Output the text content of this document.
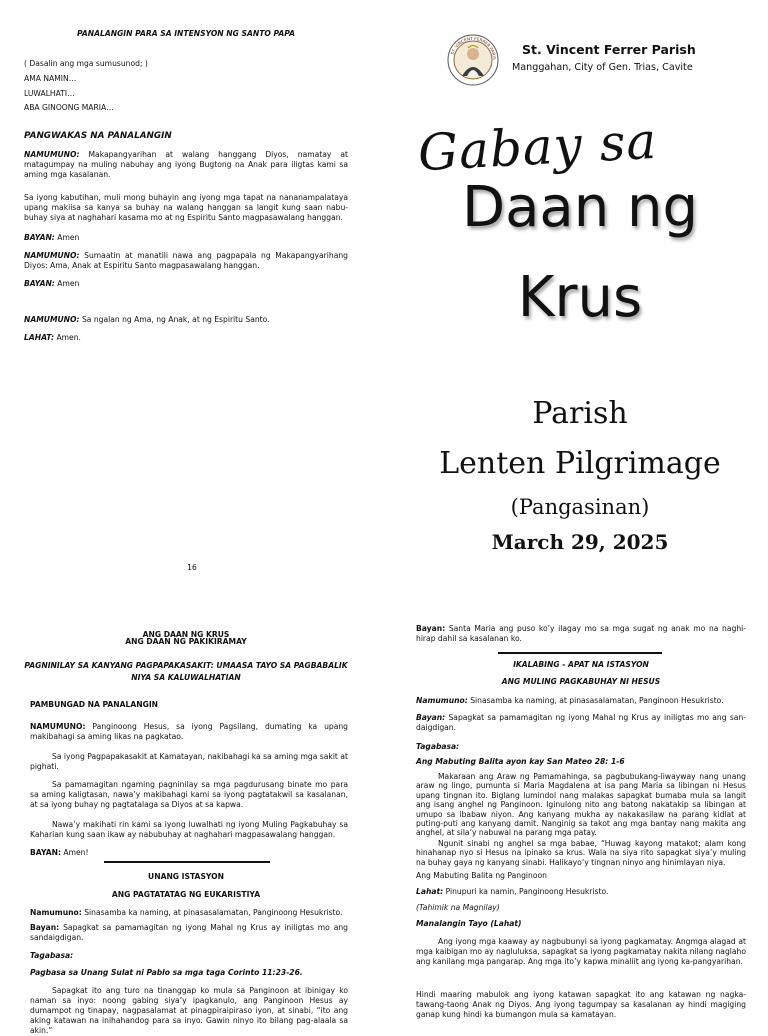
PANALANGIN PARA SA INTENSYON NG SANTO PAPA
( Dasalin ang mga sumusunod; )
AMA NAMIN…
LUWALHATI…
ABA GINOONG MARIA…
PANGWAKAS NA PANALANGIN

NAMUMUNO: Makapangyarihan at walang hanggang Diyos, namatay at matagumpay na muling nabuhay ang iyong Bugtong na Anak para iligtas kami sa aming mga kasalanan.

Sa iyong kabutihan, muli mong buhayin ang iyong mga tapat na nananampalataya upang makiisa sa kanya sa buhay na walang hanggan sa langit kung saan nabu-buhay siya at naghahari kasama mo at ng Espiritu Santo magpasawalang hanggan.

BAYAN: Amen

NAMUMUNO: Sumaatin at manatili nawa ang pagpapala ng Makapangyarihang Diyos: Ama, Anak at Espiritu Santo magpasawalang hanggan.

BAYAN: Amen

NAMUMUNO: Sa ngalan ng Ama, ng Anak, at ng Espiritu Santo.

LAHAT: Amen.

16
ST. VINCENT FERRER PARIS
St. Vincent Ferrer Parish
Manggahan, City of Gen. Trias, Cavite
Gabay sa
Daan ng
Krus
Parish
Lenten Pilgrimage
(Pangasinan)
March 29, 2025
ANG DAAN NG KRUS
ANG DAAN NG PAKIKIRAMAY
PAGNINILAY SA KANYANG PAGPAPAKASAKIT: UMAASA TAYO SA PAGBABALIK
NIYA SA KALUWALHATIAN
PAMBUNGAD NA PANALANGIN

NAMUMUNO: Panginoong Hesus, sa iyong Pagsilang, dumating ka upang makibahagi sa aming likas na pagkatao.

Sa iyong Pagpapakasakit at Kamatayan, nakibahagi ka sa aming mga sakit at pighati.

Sa pamamagitan ngaming pagninilay sa mga pagdurusang binate mo para sa aming kaligtasan, nawa’y makibahagi kami sa iyong pagtatakwil sa kasalanan, at sa iyong buhay ng pagtatalaga sa Diyos at sa kapwa.

Nawa’y makihati rin kami sa iyong luwalhati ng iyong Muling Pagkabuhay sa Kaharian kung saan ikaw ay nabubuhay at naghahari magpasawalang hanggan.

BAYAN: Amen!

UNANG ISTASYON
ANG PAGTATATAG NG EUKARISTIYA

Namumuno: Sinasamba ka naming, at pinasasalamatan, Panginoong Hesukristo.

Bayan: Sapagkat sa pamamagitan ng iyong Mahal ng Krus ay iniligtas mo ang sandaigdigan.

Tagabasa:
Pagbasa sa Unang Sulat ni Pablo sa mga taga Corinto 11:23-26.

Sapagkat ito ang turo na tinanggap ko mula sa Panginoon at ibinigay ko naman sa inyo: noong gabing siya’y ipagkanulo, ang Panginoon Hesus ay dumampot ng tinapay, nagpasalamat at pinagpiraipiraso iyon, at sinabi, “ito ang aking katawan na inihahandog para sa inyo. Gawin ninyo ito bilang pag-alaala sa akin.”

Bayan: Santa Maria ang puso ko’y ilagay mo sa mga sugat ng anak mo na naghi-hirap dahil sa kasalanan ko.

IKALABING - APAT NA ISTASYON
ANG MULING PAGKABUHAY NI HESUS

Namumuno: Sinasamba ka naming, at pinasasalamatan, Panginoon Hesukristo.

Bayan: Sapagkat sa pamamagitan ng iyong Mahal ng Krus ay iniligtas mo ang san-daigdigan.

Tagabasa:
Ang Mabuting Balita ayon kay San Mateo 28: 1-6

Makaraan ang Araw ng Pamamahinga, sa pagbubukang-liwayway nang unang araw ng lingo, pumunta si Maria Magdalena at isa pang Maria sa libingan ni Hesus upang tingnan ito. Biglang lumindol nang malakas sapagkat bumaba mula sa langit ang isang anghel ng Panginoon. Iginulong nito ang batong nakatakip sa libingan at umupo sa ibabaw niyon. Ang kanyang mukha ay nakakasilaw na parang kidlat at puting-puti ang kanyang damit. Nanginig sa takot ang mga bantay nang makita ang anghel, at sila’y nabuwal na parang mga patay.

Ngunit sinabi ng anghel sa mga babae, “Huwag kayong matakot; alam kong hinahanap nyo si Hesus na ipinako sa krus. Wala na siya rito sapagkat siya’y muling na buhay gaya ng kanyang sinabi. Halikayo’y tingnan ninyo ang hinimlayan niya.

Ang Mabuting Balita ng Panginoon

Lahat: Pinupuri ka namin, Panginoong Hesukristo.

(Tahimik na Magnilay)
Manalangin Tayo (Lahat)

Ang iyong mga kaaway ay nagbubunyi sa iyong pagkamatay. Angmga alagad at mga kaibigan mo ay nagluluksa, sapagkat sa iyong pagkamatay nakita nilang naglaho ang kanilang mga pangarap. Ang mga ito’y kapwa minaliit ang iyong ka-pangyarihan.

Hindi maaring mabulok ang iyong katawan sapagkat ito ang katawan ng nagka-tawang-taong Anak ng Diyos. Ang iyong tagumpay sa kasalanan ay hindi magiging ganap kung hindi ka bumangon mula sa kamatayan.
